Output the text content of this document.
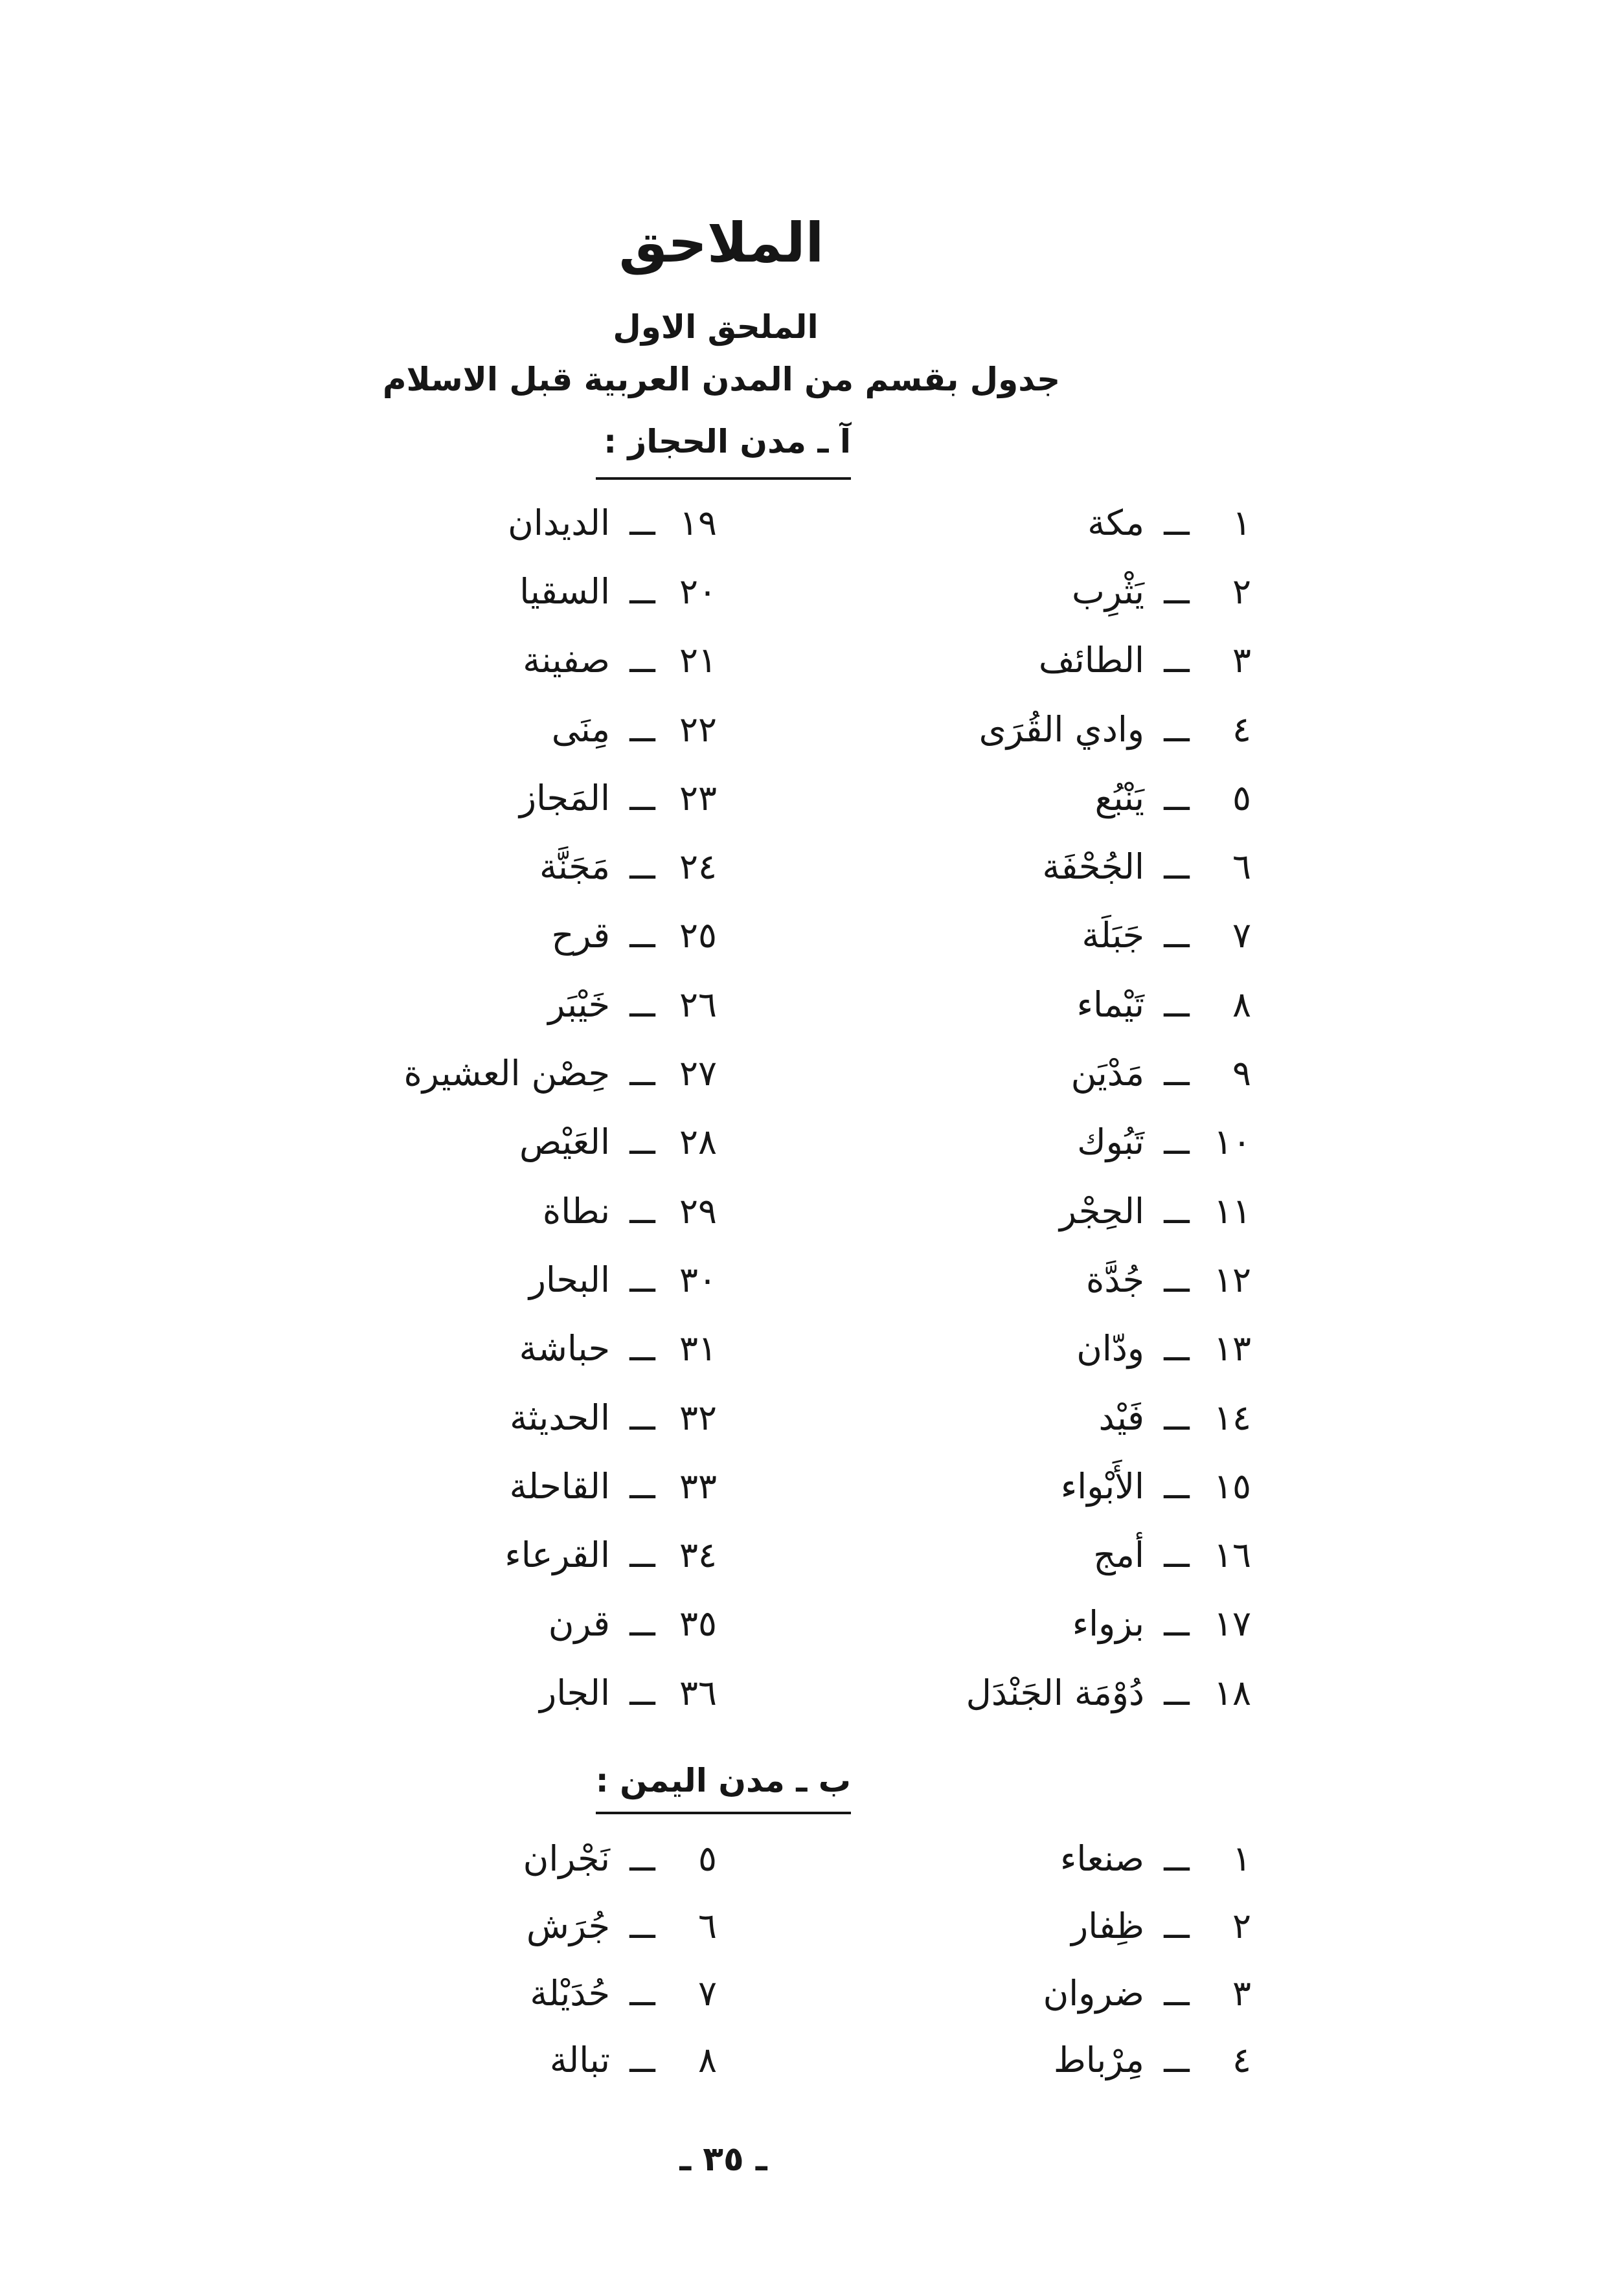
الملاحق
الملحق الاول
جدول بقسم من المدن العربية قبل الاسلام
آ ـ مدن الحجاز :
١
ـ
مكة
٢
ـ
يَثْرِب
٣
ـ
الطائف
٤
ـ
وادي القُرَى
٥
ـ
يَنْبُع
٦
ـ
الجُحْفَة
٧
ـ
جَبَلَة
٨
ـ
تَيْماء
٩
ـ
مَدْيَن
١٠
ـ
تَبُوك
١١
ـ
الحِجْر
١٢
ـ
جُدَّة
١٣
ـ
ودّان
١٤
ـ
فَيْد
١٥
ـ
الأَبْواء
١٦
ـ
أمج
١٧
ـ
بزواء
١٨
ـ
دُوْمَة الجَنْدَل
١٩
ـ
الديدان
٢٠
ـ
السقيا
٢١
ـ
صفينة
٢٢
ـ
مِنَى
٢٣
ـ
المَجاز
٢٤
ـ
مَجَنَّة
٢٥
ـ
قرح
٢٦
ـ
خَيْبَر
٢٧
ـ
حِصْن العشيرة
٢٨
ـ
العَيْص
٢٩
ـ
نطاة
٣٠
ـ
البحار
٣١
ـ
حباشة
٣٢
ـ
الحديثة
٣٣
ـ
القاحلة
٣٤
ـ
القرعاء
٣٥
ـ
قرن
٣٦
ـ
الجار
ب ـ مدن اليمن :
١
ـ
صنعاء
٢
ـ
ظِفار
٣
ـ
ضروان
٤
ـ
مِرْباط
٥
ـ
نَجْران
٦
ـ
جُرَش
٧
ـ
حُدَيْلة
٨
ـ
تبالة
ـ ٣٥ ـ
